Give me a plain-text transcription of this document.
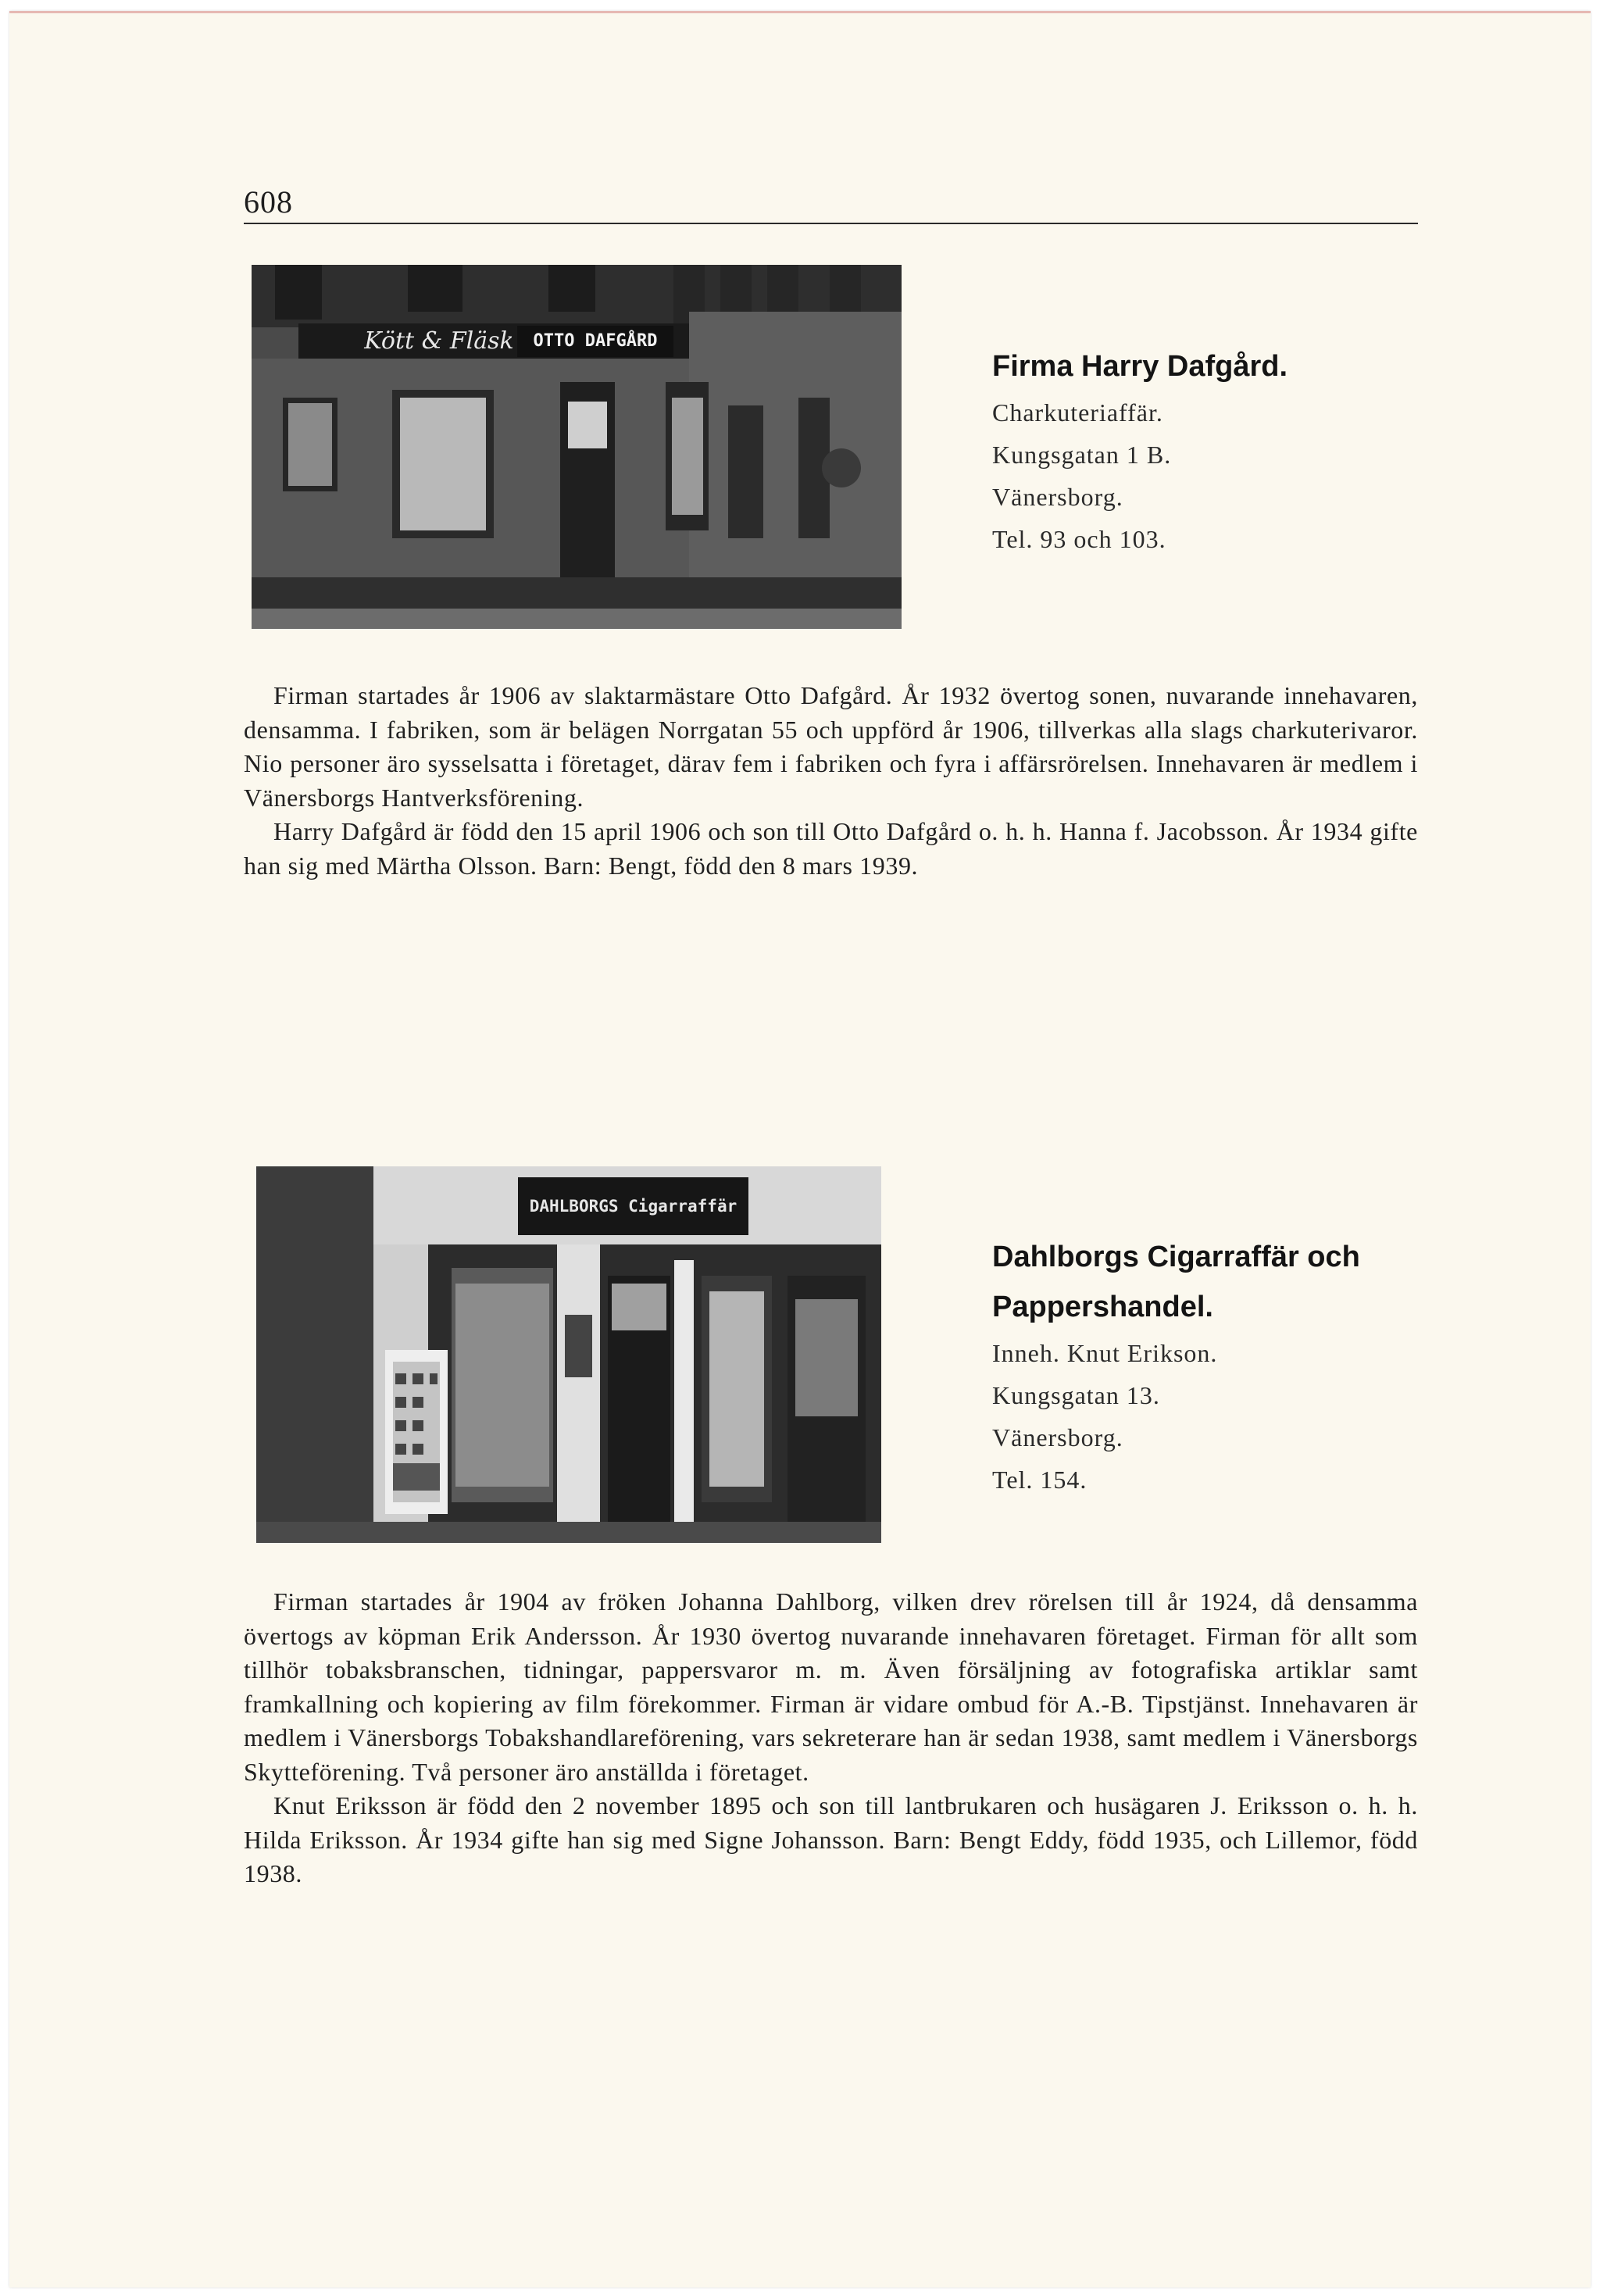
608
Kött & Fläsk	OTTO DAFGÅRD
Firma Harry Dafgård.
Charkuteriaffär.
Kungsgatan 1 B.
Vänersborg.
Tel. 93 och 103.

Firman startades år 1906 av slaktarmästare Otto Dafgård. År 1932 övertog sonen, nuvarande innehavaren, densamma. I fabriken, som är belägen Norrgatan 55 och uppförd år 1906, tillverkas alla slags charkuterivaror. Nio personer äro sysselsatta i företaget, därav fem i fabriken och fyra i affärsrörelsen. Innehavaren är medlem i Vänersborgs Hantverksförening.

Harry Dafgård är född den 15 april 1906 och son till Otto Dafgård o. h. h. Hanna f. Jacobsson. År 1934 gifte han sig med Märtha Olsson. Barn: Bengt, född den 8 mars 1939.

DAHLBORGS Cigarraffär
Dahlborgs Cigarraffär och
Pappershandel.
Inneh. Knut Erikson.
Kungsgatan 13.
Vänersborg.
Tel. 154.

Firman startades år 1904 av fröken Johanna Dahlborg, vilken drev rörelsen till år 1924, då densamma övertogs av köpman Erik Andersson. År 1930 övertog nuvarande innehavaren företaget. Firman för allt som tillhör tobaksbranschen, tidningar, pappersvaror m. m. Även försäljning av fotografiska artiklar samt framkallning och kopiering av film förekommer. Firman är vidare ombud för A.-B. Tipstjänst. Innehavaren är medlem i Vänersborgs Tobakshandlareförening, vars sekreterare han är sedan 1938, samt medlem i Vänersborgs Skytteförening. Två personer äro anställda i företaget.

Knut Eriksson är född den 2 november 1895 och son till lantbrukaren och husägaren J. Eriksson o. h. h. Hilda Eriksson. År 1934 gifte han sig med Signe Johansson. Barn: Bengt Eddy, född 1935, och Lillemor, född 1938.
